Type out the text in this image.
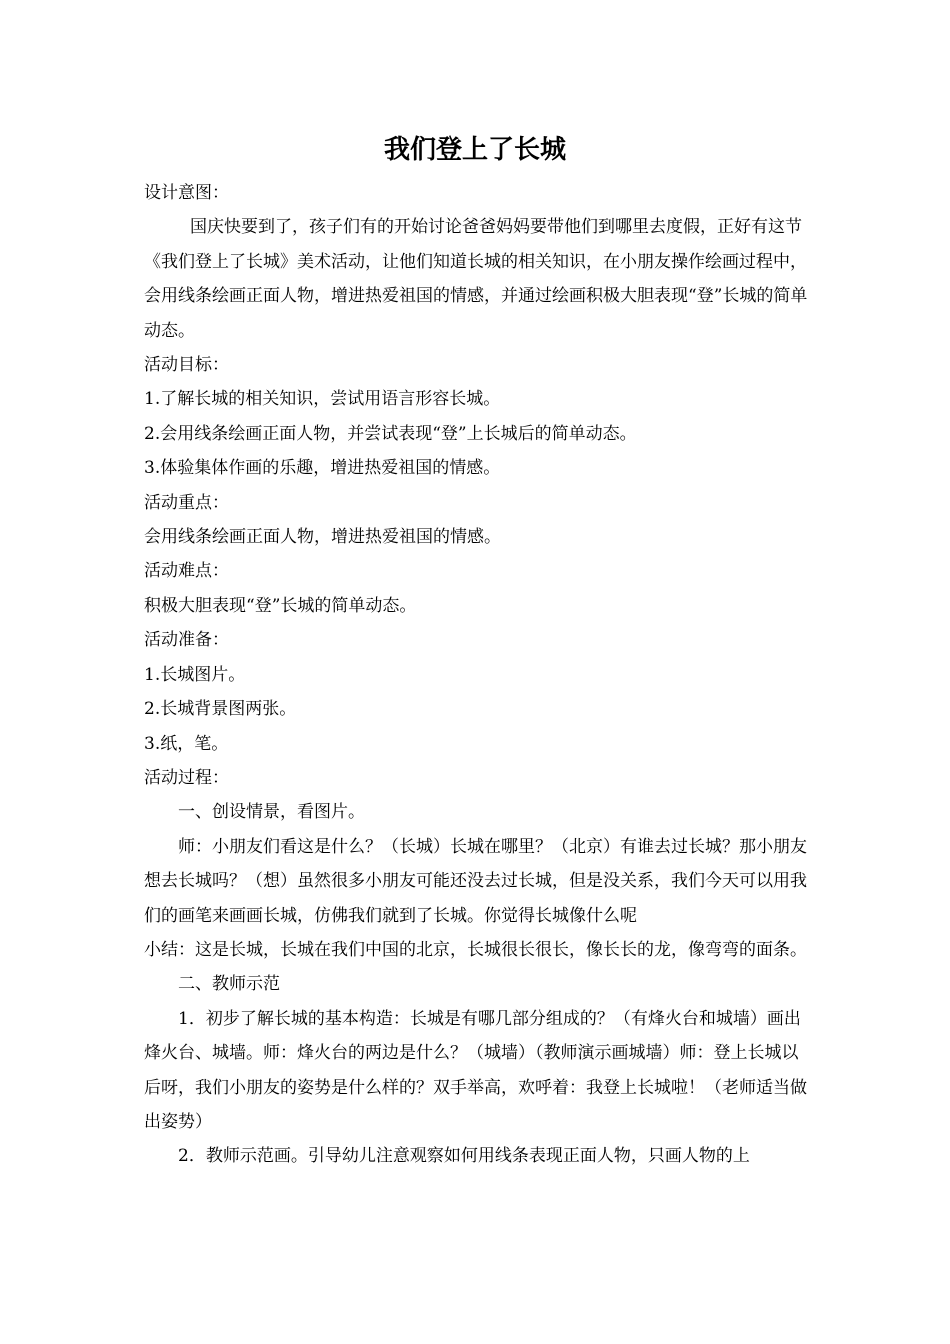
我们登上了长城

设计意图：

国庆快要到了，孩子们有的开始讨论爸爸妈妈要带他们到哪里去度假，正好有这节《我们登上了长城》美术活动，让他们知道长城的相关知识，在小朋友操作绘画过程中，会用线条绘画正面人物，增进热爱祖国的情感，并通过绘画积极大胆表现“登”长城的简单动态。

活动目标：

1.了解长城的相关知识，尝试用语言形容长城。

2.会用线条绘画正面人物，并尝试表现“登”上长城后的简单动态。

3.体验集体作画的乐趣，增进热爱祖国的情感。

活动重点：

会用线条绘画正面人物，增进热爱祖国的情感。

活动难点：

积极大胆表现“登”长城的简单动态。

活动准备：

1.长城图片。

2.长城背景图两张。

3.纸，笔。

活动过程：

一、创设情景，看图片。

师：小朋友们看这是什么？（长城）长城在哪里？（北京）有谁去过长城？那小朋友想去长城吗？（想）虽然很多小朋友可能还没去过长城，但是没关系，我们今天可以用我们的画笔来画画长城，仿佛我们就到了长城。你觉得长城像什么呢

小结：这是长城，长城在我们中国的北京，长城很长很长，像长长的龙，像弯弯的面条。

二、教师示范

1．初步了解长城的基本构造：长城是有哪几部分组成的？（有烽火台和城墙）画出烽火台、城墙。师：烽火台的两边是什么？（城墙）（教师演示画城墙）师：登上长城以后呀，我们小朋友的姿势是什么样的？双手举高，欢呼着：我登上长城啦！（老师适当做出姿势）

2．教师示范画。引导幼儿注意观察如何用线条表现正面人物，只画人物的上
